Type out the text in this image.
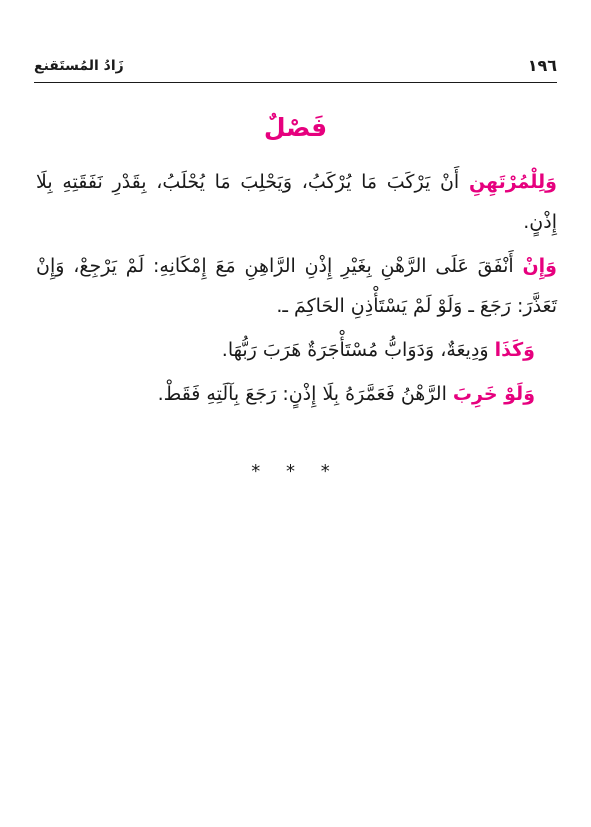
١٩٦
زَادُ المُستَقنع
فَصْلٌ

وَلِلْمُرْتَهِنِ أَنْ يَرْكَبَ مَا يُرْكَبُ، وَيَحْلِبَ مَا يُحْلَبُ، بِقَدْرِ نَفَقَتِهِ بِلَا إِذْنٍ.

وَإِنْ أَنْفَقَ عَلَى الرَّهْنِ بِغَيْرِ إِذْنِ الرَّاهِنِ مَعَ إِمْكَانِهِ: لَمْ يَرْجِعْ، وَإِنْ تَعَذَّرَ: رَجَعَ ـ وَلَوْ لَمْ يَسْتَأْذِنِ الحَاكِمَ ـ.

وَكَذَا وَدِيعَةٌ، وَدَوَابُّ مُسْتَأْجَرَةٌ هَرَبَ رَبُّهَا.

وَلَوْ خَرِبَ الرَّهْنُ فَعَمَّرَهُ بِلَا إِذْنٍ: رَجَعَ بِآلَتِهِ فَقَطْ.

* * *
